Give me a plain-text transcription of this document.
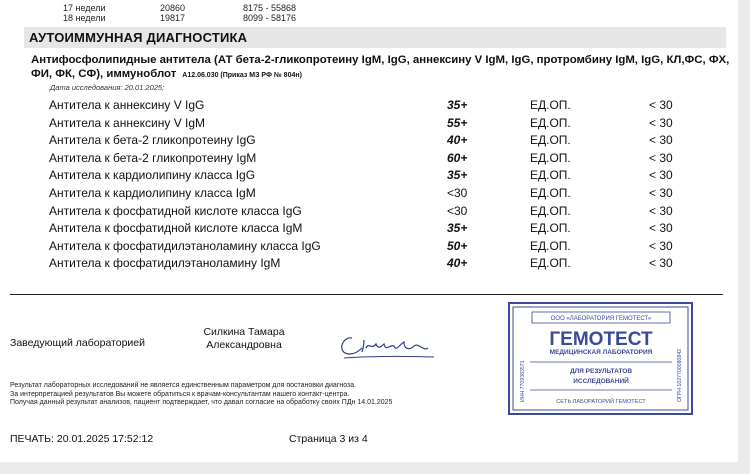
17 недели	20860	8175 - 55868
18 недели	19817	8099 - 58176
АУТОИММУННАЯ ДИАГНОСТИКА
Антифосфолипидные антитела (АТ бета-2-гликопротеину IgM, IgG, аннексину V IgM, IgG, протромбину IgM, IgG, КЛ,ФС, ФХ, ФИ, ФК, СФ), иммуноблот A12.06.030 (Приказ МЗ РФ № 804н)
Дата исследования: 20.01.2025;
Антитела к аннексину V IgG	35+	ЕД.ОП.	< 30
Антитела к аннексину V IgM	55+	ЕД.ОП.	< 30
Антитела к бета-2 гликопротеину IgG	40+	ЕД.ОП.	< 30
Антитела к бета-2 гликопротеину IgM	60+	ЕД.ОП.	< 30
Антитела к кардиолипину класса IgG	35+	ЕД.ОП.	< 30
Антитела к кардиолипину класса IgM	<30	ЕД.ОП.	< 30
Антитела к фосфатидной кислоте класса IgG	<30	ЕД.ОП.	< 30
Антитела к фосфатидной кислоте класса IgM	35+	ЕД.ОП.	< 30
Антитела к фосфатидилэтаноламину класса IgG	50+	ЕД.ОП.	< 30
Антитела к фосфатидилэтаноламину IgM	40+	ЕД.ОП.	< 30
Заведующий лабораторией
Силкина Тамара Александровна
Результат лабораторных исследований не является единственным параметром для постановки диагноза.
За интерпретацией результатов Вы можете обратиться к врачам-консультантам нашего контакт-центра.
Получая данный результат анализов, пациент подтверждает, что давал согласие на обработку своих ПДн 14.01.2025
ПЕЧАТЬ: 20.01.2025 17:52:12	Страница 3 из 4
ООО «ЛАБОРАТОРИЯ ГЕМОТЕСТ»
ГЕМОТЕСТ
МЕДИЦИНСКАЯ ЛАБОРАТОРИЯ
ДЛЯ РЕЗУЛЬТАТОВ
ИССЛЕДОВАНИЙ
СЕТЬ ЛАБОРАТОРИЙ ГЕМОТЕСТ
ИНН 7709383571	ОГРН 1027700080842
